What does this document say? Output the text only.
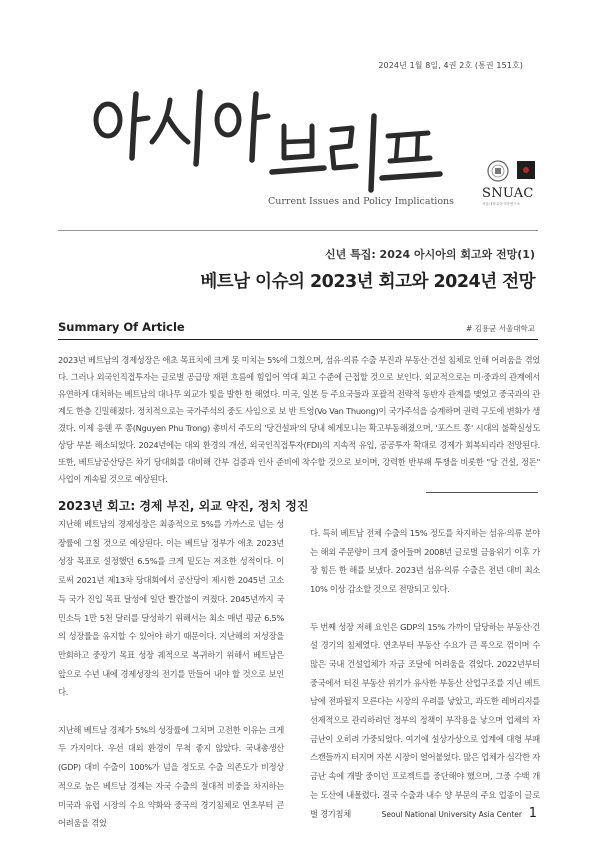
2024년 1월 8일, 4권 2호 (통권 151호)
Current Issues and Policy Implications
SNUAC
서울대학교아시아연구소
신년 특집: 2024 아시아의 회고와 전망(1)
베트남 이슈의 2023년 회고와 2024년 전망
Summary Of Article	# 김용균 서울대학교
2023년 베트남의 경제성장은 애초 목표치에 크게 못 미치는 5%에 그쳤으며, 섬유·의류 수출 부진과 부동산·건설 침체로 인해 어려움을 겪었다. 그러나 외국인직접투자는 글로벌 공급망 재편 흐름에 힘입어 역대 최고 수준에 근접할 것으로 보인다. 외교적으로는 미·중과의 관계에서 유연하게 대처하는 베트남의 대나무 외교가 빛을 발한 한 해였다. 미국, 일본 등 주요국들과 포괄적 전략적 동반자 관계를 맺었고 중국과의 관계도 한층 긴밀해졌다. 정치적으로는 국가주석의 중도 사임으로 보 반 트엉(Vo Van Thuong)이 국가주석을 승계하며 권력 구도에 변화가 생겼다. 이제 응웬 푸 쫑(Nguyen Phu Trong) 총비서 주도의 '당건설파'의 당내 헤게모니는 확고부동해졌으며, '포스트 쫑' 시대의 불확실성도 상당 부분 해소되었다. 2024년에는 대외 환경의 개선, 외국인직접투자(FDI)의 지속적 유입, 공공투자 확대로 경제가 회복되리라 전망된다. 또한, 베트남공산당은 차기 당대회를 대비해 간부 검증과 인사 준비에 착수할 것으로 보이며, 강력한 반부패 투쟁을 비롯한 "당 건설, 정돈" 사업이 계속될 것으로 예상된다.
2023년 회고: 경제 부진, 외교 약진, 정치 정진

지난해 베트남의 경제성장은 최종적으로 5%를 가까스로 넘는 성장률에 그칠 것으로 예상된다. 이는 베트남 정부가 애초 2023년 성장 목표로 설정했던 6.5%를 크게 밑도는 저조한 성적이다. 이로써 2021년 제13차 당대회에서 공산당이 제시한 2045년 고소득 국가 진입 목표 달성에 일단 빨간불이 켜졌다. 2045년까지 국민소득 1만 5천 달러를 달성하기 위해서는 최소 매년 평균 6.5%의 성장률을 유지할 수 있어야 하기 때문이다. 지난해의 저성장을 만회하고 중장기 목표 성장 궤적으로 복귀하기 위해서 베트남은 앞으로 수년 내에 경제성장의 전기를 만들어 내야 할 것으로 보인다.

지난해 베트남 경제가 5%의 성장률에 그치며 고전한 이유는 크게 두 가지이다. 우선 대외 환경이 무척 좋지 않았다. 국내총생산(GDP) 대비 수출이 100%가 넘을 정도로 수출 의존도가 비정상적으로 높은 베트남 경제는 자국 수출의 절대적 비중을 차지하는 미국과 유럽 시장의 수요 약화와 중국의 경기침체로 연초부터 큰 어려움을 겪었

다. 특히 베트남 전체 수출의 15% 정도를 차지하는 섬유·의류 분야는 해외 주문량이 크게 줄어들며 2008년 글로벌 금융위기 이후 가장 힘든 한 해를 보냈다. 2023년 섬유·의류 수출은 전년 대비 최소 10% 이상 감소할 것으로 전망되고 있다.

두 번째 성장 저해 요인은 GDP의 15% 가까이 담당하는 부동산·건설 경기의 침체였다. 연초부터 부동산 수요가 큰 폭으로 꺾이며 수많은 국내 건설업체가 자금 조달에 어려움을 겪었다. 2022년부터 중국에서 터진 부동산 위기가 유사한 부동산 산업구조를 지닌 베트남에 전파될지 모른다는 시장의 우려를 낳았고, 과도한 레버리지를 선제적으로 관리하려던 정부의 정책이 부작용을 낳으며 업체의 자금난이 오히려 가중되었다. 여기에 설상가상으로 업계에 대형 부패 스캔들까지 터지며 자본 시장이 얼어붙었다. 많은 업체가 심각한 자금난 속에 개발 중이던 프로젝트를 중단해야 했으며, 그중 수백 개는 도산에 내몰렸다. 결국 수출과 내수 양 부문의 주요 업종이 글로벌 경기침체	Seoul National University Asia Center 1
